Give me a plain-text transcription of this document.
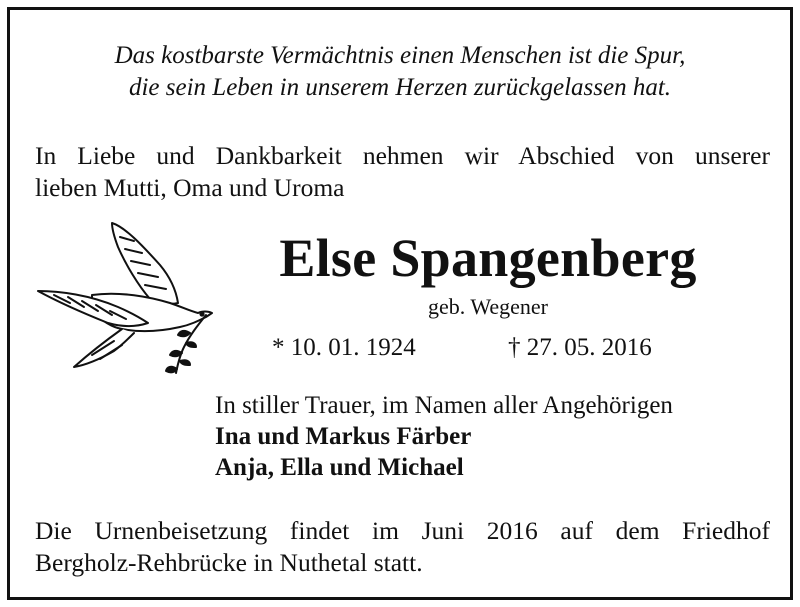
Das kostbarste Vermächtnis einen Menschen ist die Spur,
die sein Leben in unserem Herzen zurückgelassen hat.
In Liebe und Dankbarkeit nehmen wir Abschied von unserer
lieben Mutti, Oma und Uroma
Else Spangenberg
geb. Wegener
* 10. 01. 1924	† 27. 05. 2016
In stiller Trauer, im Namen aller Angehörigen
Ina und Markus Färber
Anja, Ella und Michael
Die Urnenbeisetzung findet im Juni 2016 auf dem Friedhof
Bergholz-Rehbrücke in Nuthetal statt.
